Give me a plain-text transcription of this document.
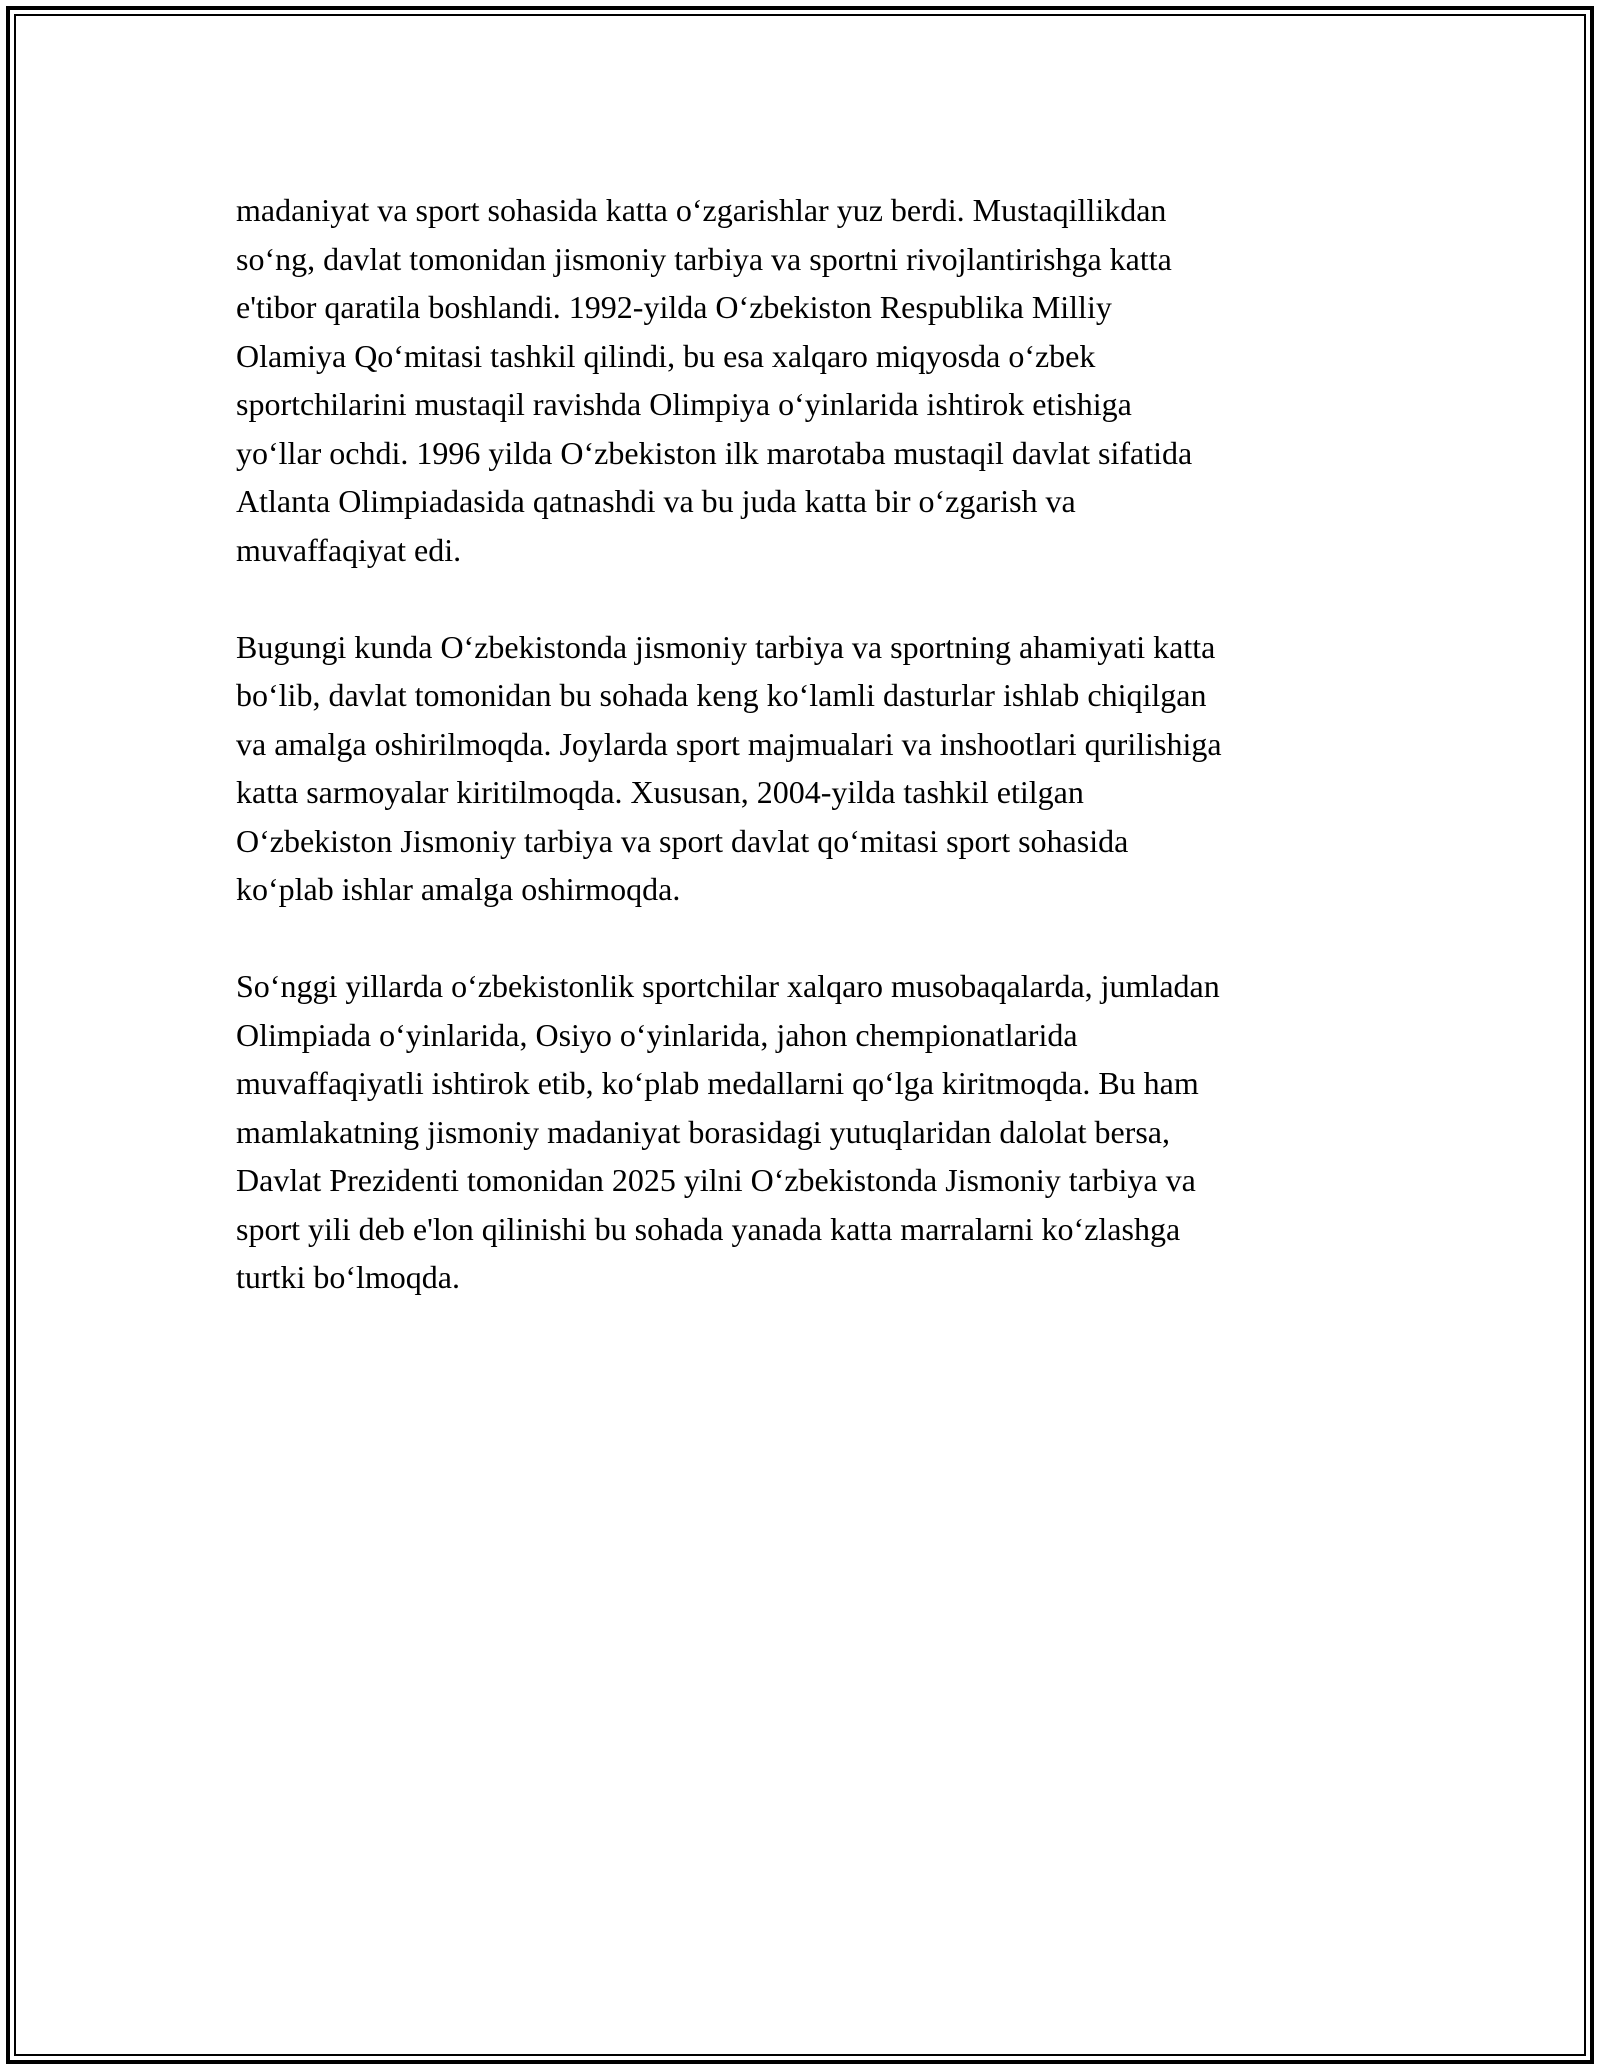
madaniyat va sport sohasida katta o‘zgarishlar yuz berdi. Mustaqillikdan
so‘ng, davlat tomonidan jismoniy tarbiya va sportni rivojlantirishga katta
e'tibor qaratila boshlandi. 1992-yilda O‘zbekiston Respublika Milliy
Olamiya Qo‘mitasi tashkil qilindi, bu esa xalqaro miqyosda o‘zbek
sportchilarini mustaqil ravishda Olimpiya o‘yinlarida ishtirok etishiga
yo‘llar ochdi. 1996 yilda O‘zbekiston ilk marotaba mustaqil davlat sifatida
Atlanta Olimpiadasida qatnashdi va bu juda katta bir o‘zgarish va
muvaffaqiyat edi.

Bugungi kunda O‘zbekistonda jismoniy tarbiya va sportning ahamiyati katta
bo‘lib, davlat tomonidan bu sohada keng ko‘lamli dasturlar ishlab chiqilgan
va amalga oshirilmoqda. Joylarda sport majmualari va inshootlari qurilishiga
katta sarmoyalar kiritilmoqda. Xususan, 2004-yilda tashkil etilgan
O‘zbekiston Jismoniy tarbiya va sport davlat qo‘mitasi sport sohasida
ko‘plab ishlar amalga oshirmoqda.

So‘nggi yillarda o‘zbekistonlik sportchilar xalqaro musobaqalarda, jumladan
Olimpiada o‘yinlarida, Osiyo o‘yinlarida, jahon chempionatlarida
muvaffaqiyatli ishtirok etib, ko‘plab medallarni qo‘lga kiritmoqda. Bu ham
mamlakatning jismoniy madaniyat borasidagi yutuqlaridan dalolat bersa,
Davlat Prezidenti tomonidan 2025 yilni O‘zbekistonda Jismoniy tarbiya va
sport yili deb e'lon qilinishi bu sohada yanada katta marralarni ko‘zlashga
turtki bo‘lmoqda.
